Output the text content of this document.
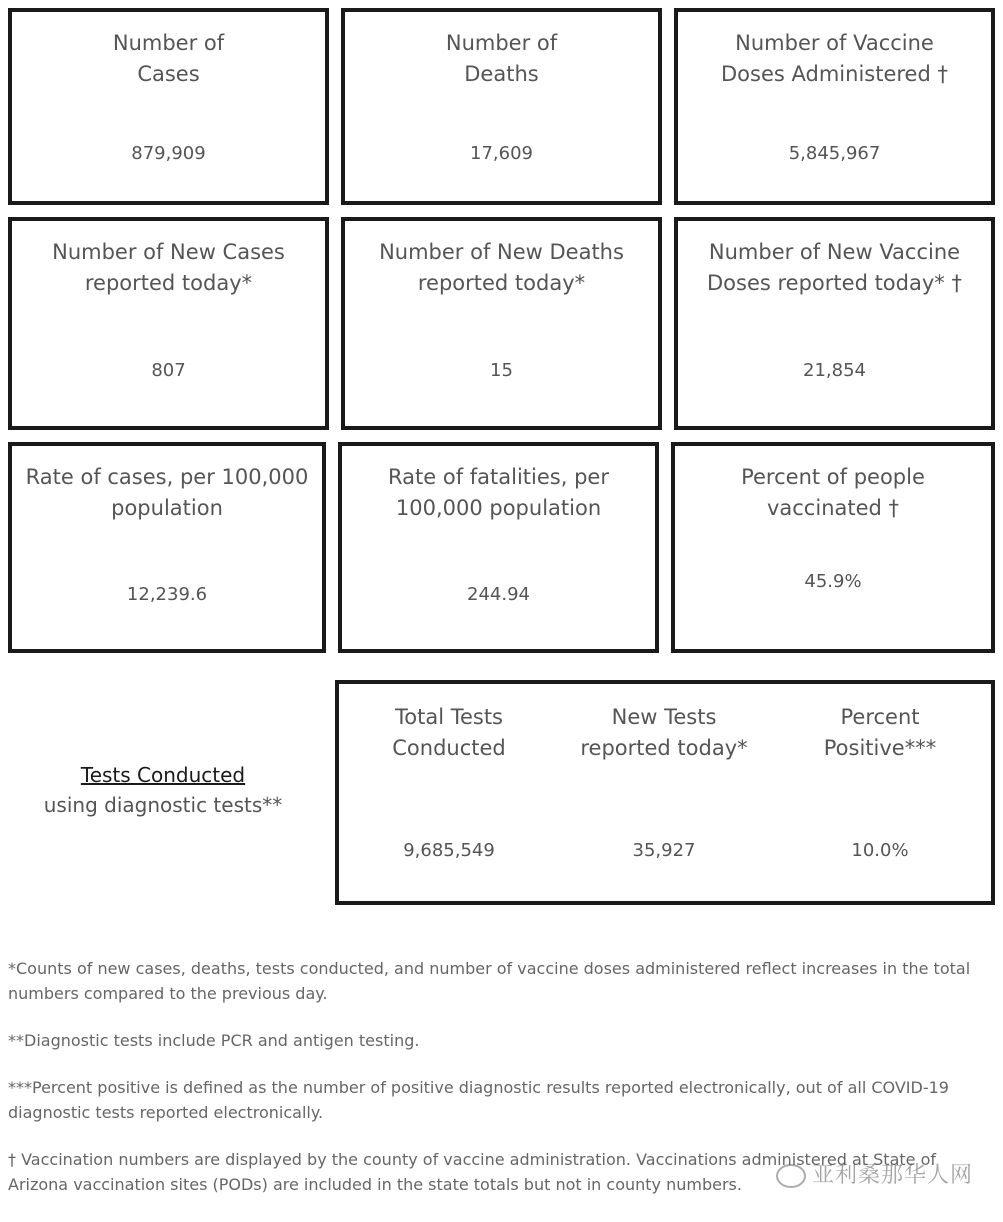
Number of
Cases
879,909
Number of
Deaths
17,609
Number of Vaccine
Doses Administered †
5,845,967
Number of New Cases
reported today*
807
Number of New Deaths
reported today*
15
Number of New Vaccine
Doses reported today* †
21,854
Rate of cases, per 100,000
population
12,239.6
Rate of fatalities, per
100,000 population
244.94
Percent of people
vaccinated †
45.9%
Tests Conducted
using diagnostic tests**
Total Tests
Conducted
9,685,549
New Tests
reported today*
35,927
Percent
Positive***
10.0%

*Counts of new cases, deaths, tests conducted, and number of vaccine doses administered reflect increases in the total numbers compared to the previous day.

**Diagnostic tests include PCR and antigen testing.

***Percent positive is defined as the number of positive diagnostic results reported electronically, out of all COVID-19 diagnostic tests reported electronically.

† Vaccination numbers are displayed by the county of vaccine administration. Vaccinations administered at State of Arizona vaccination sites (PODs) are included in the state totals but not in county numbers.	亚利桑那华人网
